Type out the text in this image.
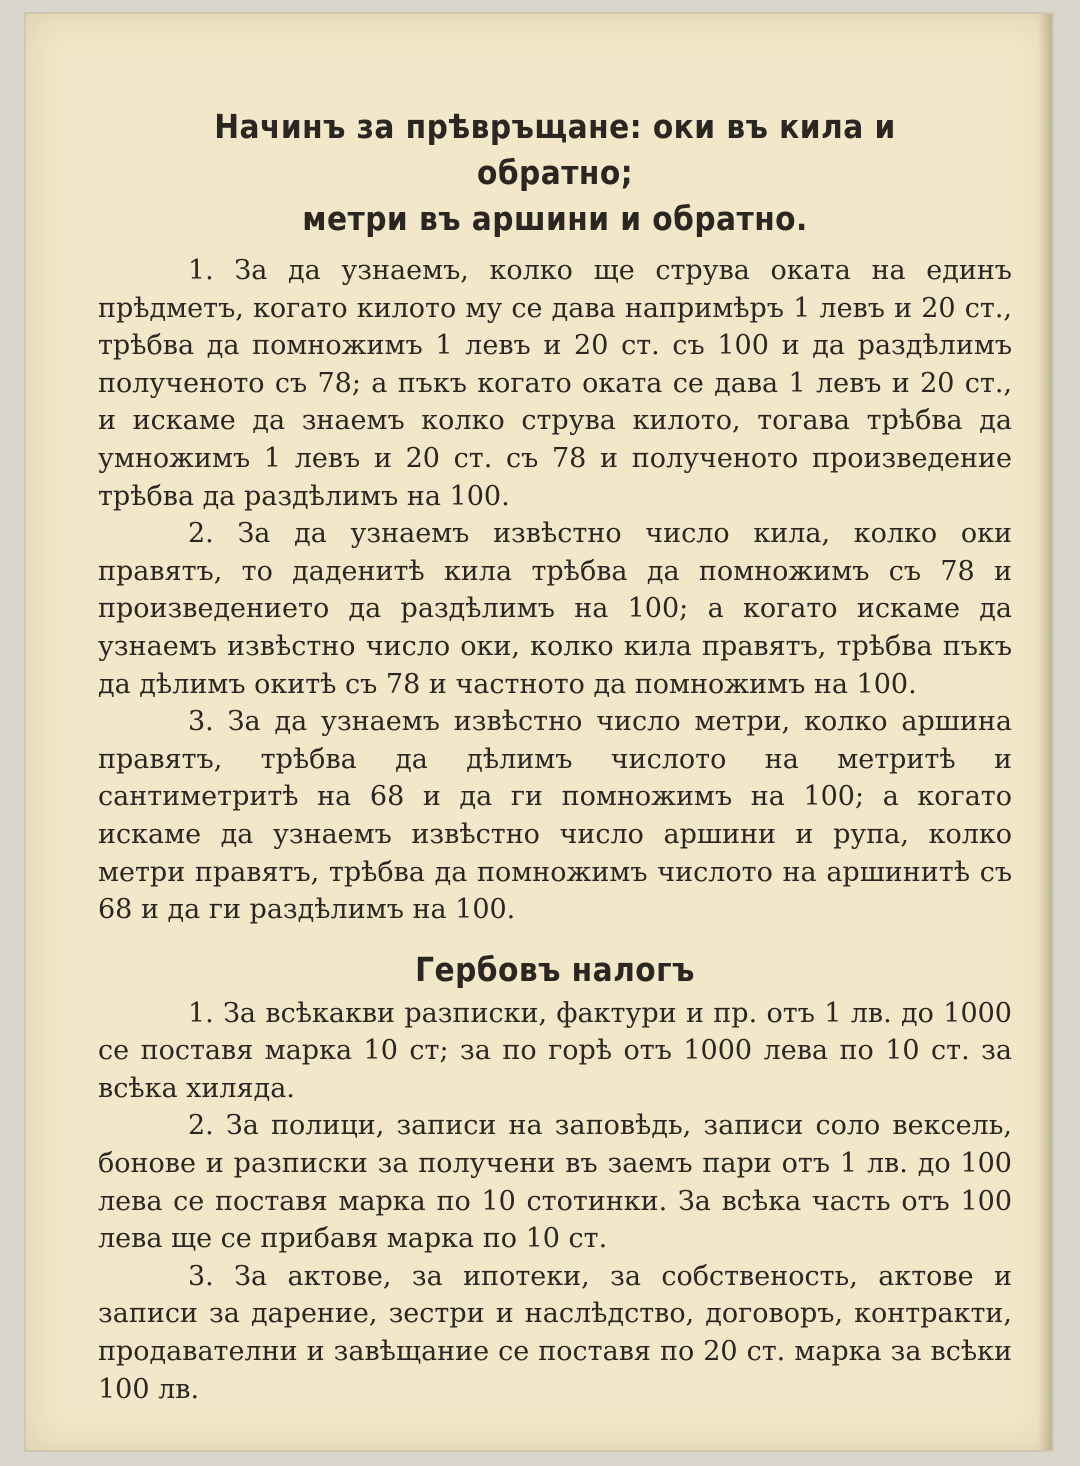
Начинъ за прѣвръщане: оки въ кила и обратно;
метри въ аршини и обратно.

1. За да узнаемъ, колко ще струва оката на единъ прѣдметъ, когато килото му се дава напримѣръ 1 левъ и 20 ст., трѣбва да помножимъ 1 левъ и 20 ст. съ 100 и да раздѣлимъ полученото съ 78; а пъкъ когато оката се дава 1 левъ и 20 ст., и искаме да знаемъ колко струва килото, тогава трѣбва да умножимъ 1 левъ и 20 ст. съ 78 и полученото произведение трѣбва да раздѣлимъ на 100.

2. За да узнаемъ извѣстно число кила, колко оки правятъ, то даденитѣ кила трѣбва да помножимъ съ 78 и произведението да раздѣлимъ на 100; а когато искаме да узнаемъ извѣстно число оки, колко кила правятъ, трѣбва пъкъ да дѣлимъ окитѣ съ 78 и частното да помножимъ на 100.

3. За да узнаемъ извѣстно число метри, колко аршина правятъ, трѣбва да дѣлимъ числото на метритѣ и сантиметритѣ на 68 и да ги помножимъ на 100; а когато искаме да узнаемъ извѣстно число аршини и рупа, колко метри правятъ, трѣбва да помножимъ числото на аршинитѣ съ 68 и да ги раздѣлимъ на 100.

Гербовъ налогъ

1. За всѣкакви разписки, фактури и пр. отъ 1 лв. до 1000 се поставя марка 10 ст; за по горѣ отъ 1000 лева по 10 ст. за всѣка хиляда.

2. За полици, записи на заповѣдь, записи соло вексель, бонове и разписки за получени въ заемъ пари отъ 1 лв. до 100 лева се поставя марка по 10 стотинки. За всѣка часть отъ 100 лева ще се прибавя марка по 10 ст.

3. За актове, за ипотеки, за собственость, актове и записи за дарение, зестри и наслѣдство, договоръ, контракти, продавателни и завѣщание се поставя по 20 ст. марка за всѣки 100 лв.
